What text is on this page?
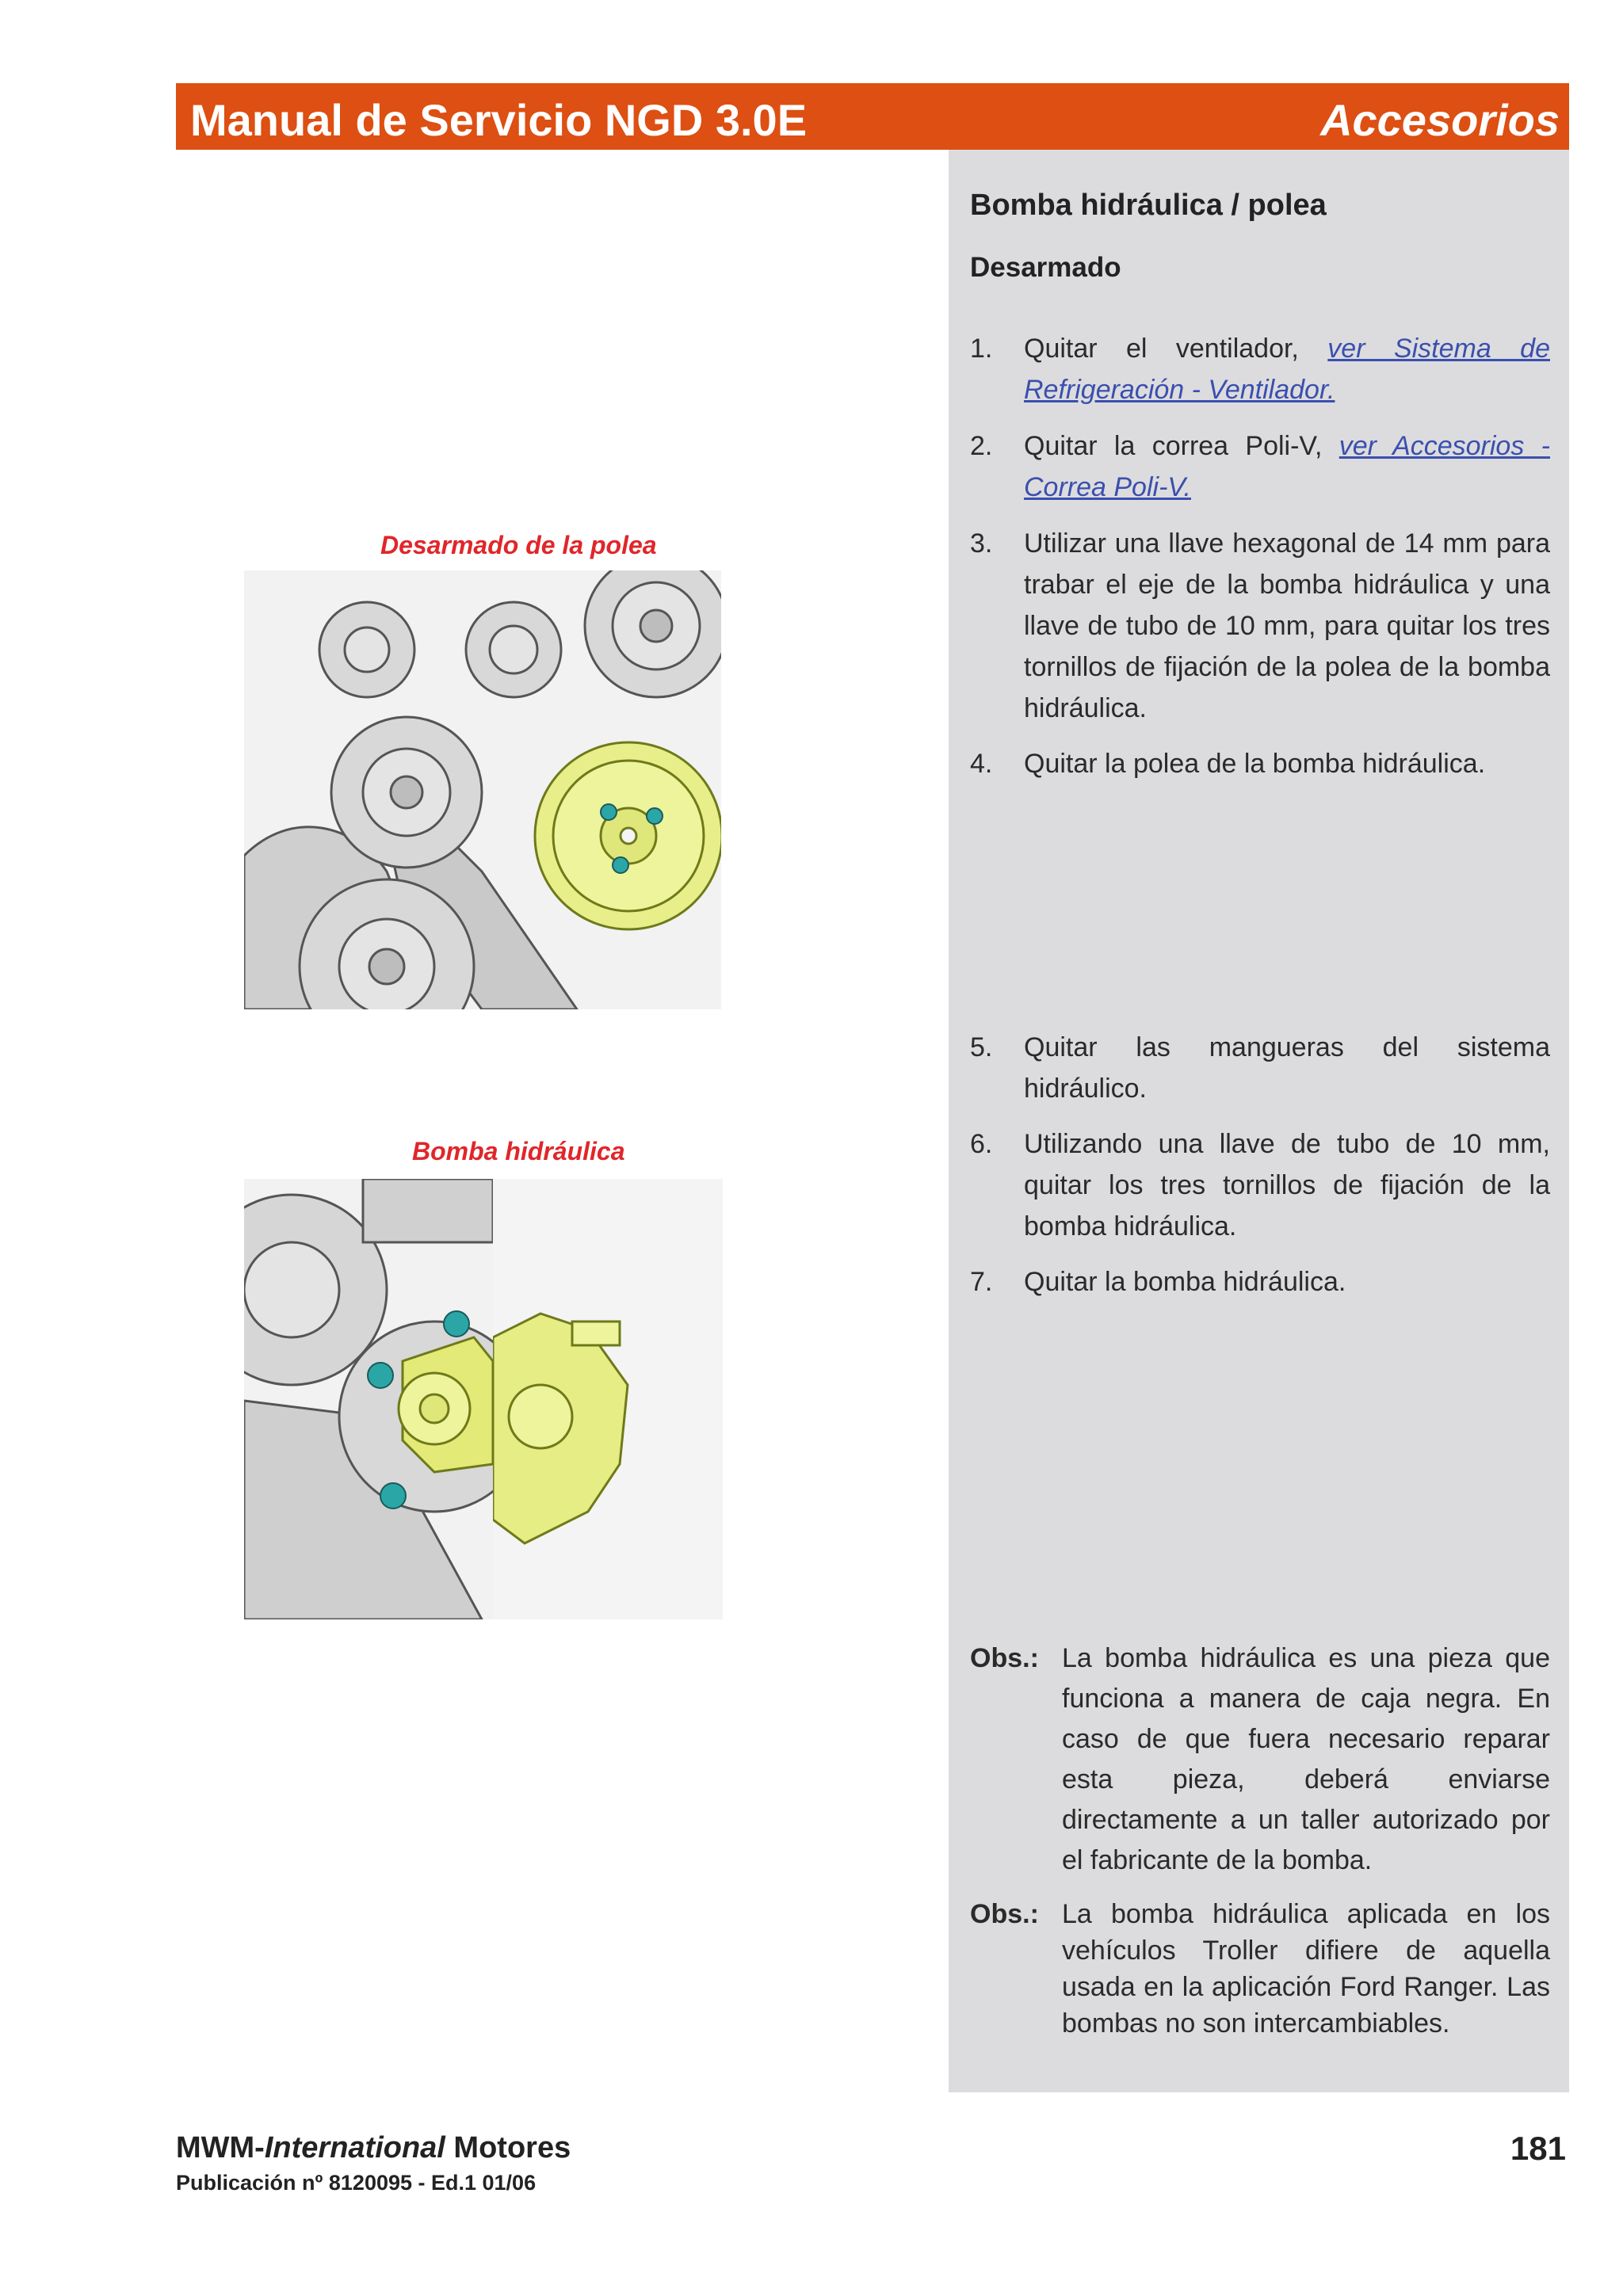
Manual de Servicio NGD 3.0E	Accesorios
Bomba hidráulica / polea
Desarmado
1. Quitar el ventilador, ver Sistema de Refrigeración - Ventilador.
2. Quitar la correa Poli-V, ver Accesorios - Correa Poli-V.
3. Utilizar una llave hexagonal de 14 mm para trabar el eje de la bomba hidráulica y una llave de tubo de 10 mm, para quitar los tres tornillos de fijación de la polea de la bomba hidráulica.
4. Quitar la polea de la bomba hidráulica.
5. Quitar las mangueras del sistema hidráulico.
6. Utilizando una llave de tubo de 10 mm, quitar los tres tornillos de fijación de la bomba hidráulica.
7. Quitar la bomba hidráulica.
Obs.: La bomba hidráulica es una pieza que funciona a manera de caja negra. En caso de que fuera necesario reparar esta pieza, deberá enviarse directamente a un taller autorizado por el fabricante de la bomba.
Obs.: La bomba hidráulica aplicada en los vehículos Troller difiere de aquella usada en la aplicación Ford Ranger. Las bombas no son intercambiables.
Desarmado de la polea
Bomba hidráulica
MWM-International Motores
Publicación nº 8120095 - Ed.1 01/06
181
